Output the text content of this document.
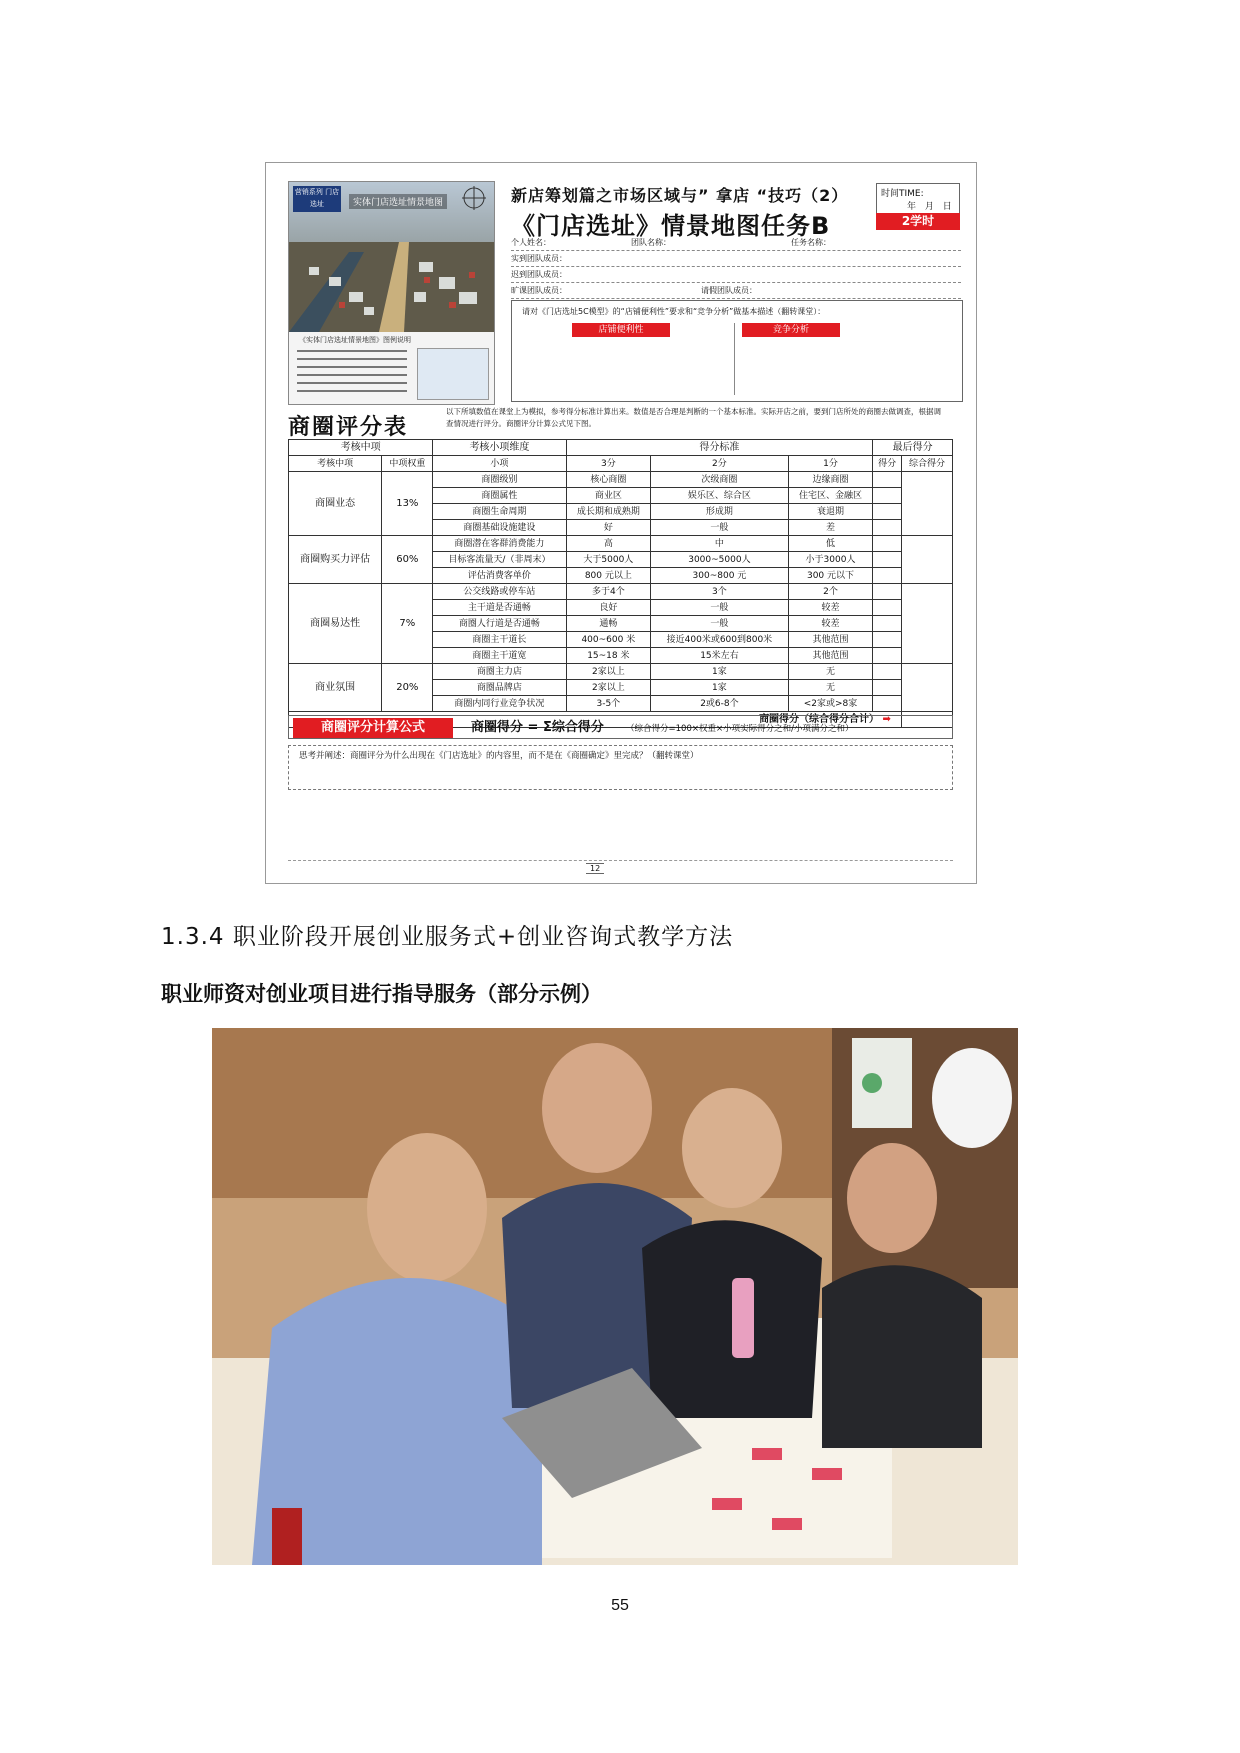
营销系列 门店选址	实体门店选址情景地图
《实体门店选址情景地图》图例说明
新店筹划篇之市场区域与” 拿店 “技巧（2）
《门店选址》情景地图任务B
时间TIME:
年 月 日
2学时
个人姓名：	团队名称：	任务名称：
实到团队成员：
迟到团队成员：
旷课团队成员：	请假团队成员：
请对《门店选址5C模型》的“店铺便利性”要求和“竞争分析”做基本描述（翻转课堂）：
店铺便利性	竞争分析
商圈评分表
以下所填数值在课堂上为模拟，参考得分标准计算出来。数值是否合理是判断的一个基本标准。实际开店之前，要到门店所处的商圈去做调查，根据调查情况进行评分。商圈评分计算公式见下图。
考核中项		考核小项维度	得分标准			最后得分	
考核中项	中项权重	小项	3分	2分	1分	得分	综合得分
商圈业态	13%	商圈级别	核心商圈	次级商圈	边缘商圈		
		商圈属性	商业区	娱乐区、综合区	住宅区、金融区		
		商圈生命周期	成长期和成熟期	形成期	衰退期		
		商圈基础设施建设	好	一般	差		
商圈购买力评估	60%	商圈潜在客群消费能力	高	中	低		
		目标客流量天/（非周末）	大于5000人	3000~5000人	小于3000人		
		评估消费客单价	800 元以上	300~800 元	300 元以下		
商圈易达性	7%	公交线路或停车站	多于4个	3个	2个		
		主干道是否通畅	良好	一般	较差		
		商圈人行道是否通畅	通畅	一般	较差		
		商圈主干道长	400~600 米	接近400米或600到800米	其他范围		
		商圈主干道宽	15~18 米	15米左右	其他范围		
商业氛围	20%	商圈主力店	2家以上	1家	无		
		商圈品牌店	2家以上	1家	无		
		商圈内同行业竞争状况	3-5个	2或6-8个	<2家或>8家		
商圈得分（综合得分合计） ➡							
商圈评分计算公式	商圈得分 = Σ综合得分	（综合得分=100×权重×小项实际得分之和/小项满分之和）
思考并阐述：商圈评分为什么出现在《门店选址》的内容里，而不是在《商圈确定》里完成？（翻转课堂）
12
1.3.4 职业阶段开展创业服务式+创业咨询式教学方法
职业师资对创业项目进行指导服务（部分示例）
55
